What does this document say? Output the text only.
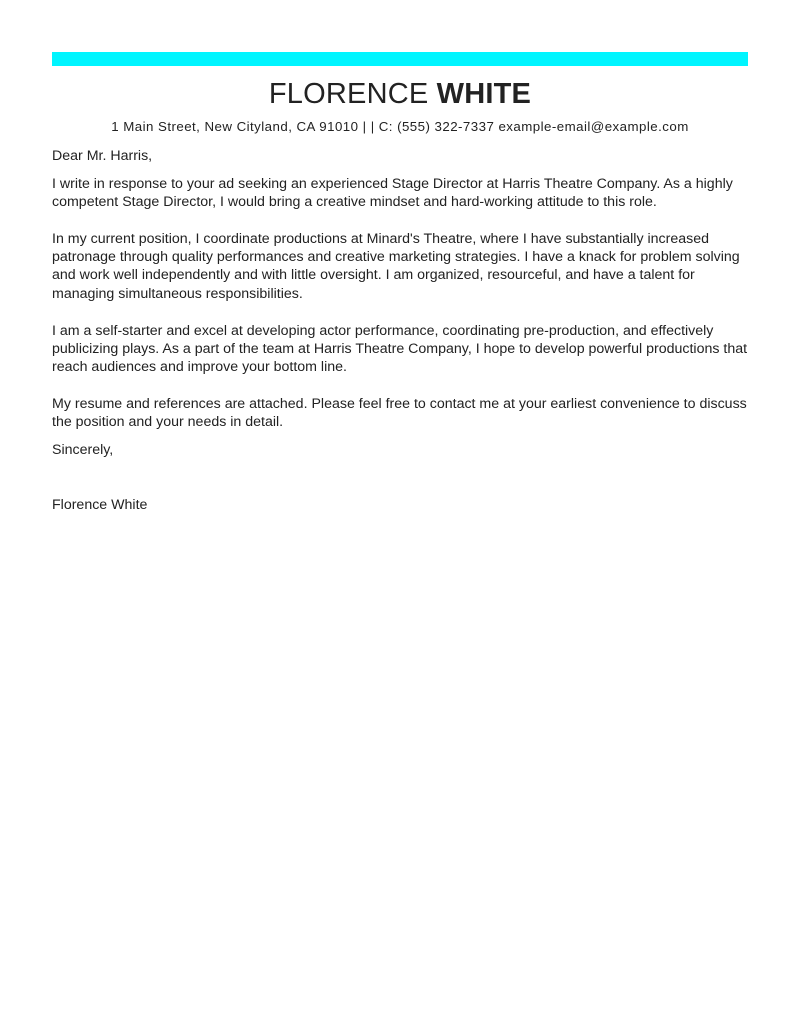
FLORENCE WHITE
1 Main Street, New Cityland, CA 91010 | | C: (555) 322-7337 example-email@example.com

Dear Mr. Harris,

I write in response to your ad seeking an experienced Stage Director at Harris Theatre Company. As a highly competent Stage Director, I would bring a creative mindset and hard-working attitude to this role.

In my current position, I coordinate productions at Minard's Theatre, where I have substantially increased patronage through quality performances and creative marketing strategies. I have a knack for problem solving and work well independently and with little oversight. I am organized, resourceful, and have a talent for managing simultaneous responsibilities.

I am a self-starter and excel at developing actor performance, coordinating pre-production, and effectively publicizing plays. As a part of the team at Harris Theatre Company, I hope to develop powerful productions that reach audiences and improve your bottom line.

My resume and references are attached. Please feel free to contact me at your earliest convenience to discuss the position and your needs in detail.

Sincerely,

Florence White
